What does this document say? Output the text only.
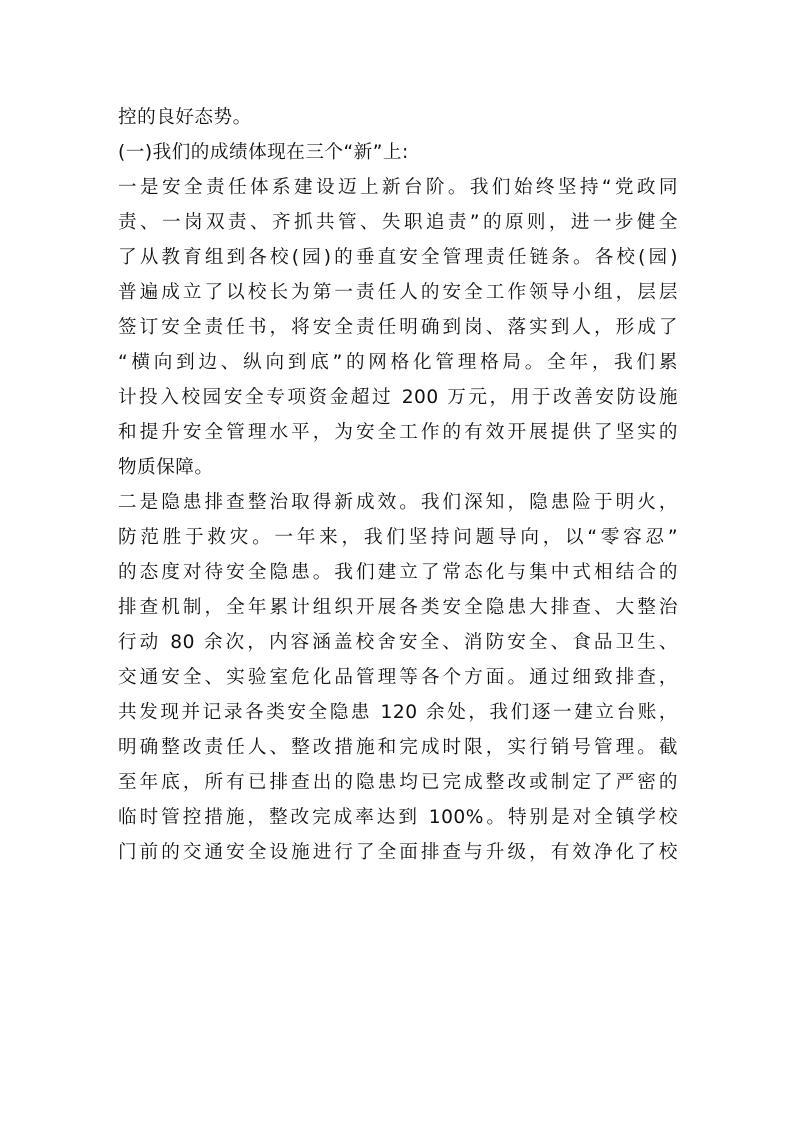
控的良好态势。
(一)我们的成绩体现在三个“新”上:
一是安全责任体系建设迈上新台阶。我们始终坚持“党政同
责、一岗双责、齐抓共管、失职追责”的原则，进一步健全
了从教育组到各校(园)的垂直安全管理责任链条。各校(园)
普遍成立了以校长为第一责任人的安全工作领导小组，层层
签订安全责任书，将安全责任明确到岗、落实到人，形成了
“横向到边、纵向到底”的网格化管理格局。全年，我们累
计投入校园安全专项资金超过 200 万元，用于改善安防设施
和提升安全管理水平，为安全工作的有效开展提供了坚实的
物质保障。
二是隐患排查整治取得新成效。我们深知，隐患险于明火，
防范胜于救灾。一年来，我们坚持问题导向，以“零容忍”
的态度对待安全隐患。我们建立了常态化与集中式相结合的
排查机制，全年累计组织开展各类安全隐患大排查、大整治
行动 80 余次，内容涵盖校舍安全、消防安全、食品卫生、
交通安全、实验室危化品管理等各个方面。通过细致排查，
共发现并记录各类安全隐患 120 余处，我们逐一建立台账，
明确整改责任人、整改措施和完成时限，实行销号管理。截
至年底，所有已排查出的隐患均已完成整改或制定了严密的
临时管控措施，整改完成率达到 100%。特别是对全镇学校
门前的交通安全设施进行了全面排查与升级，有效净化了校
